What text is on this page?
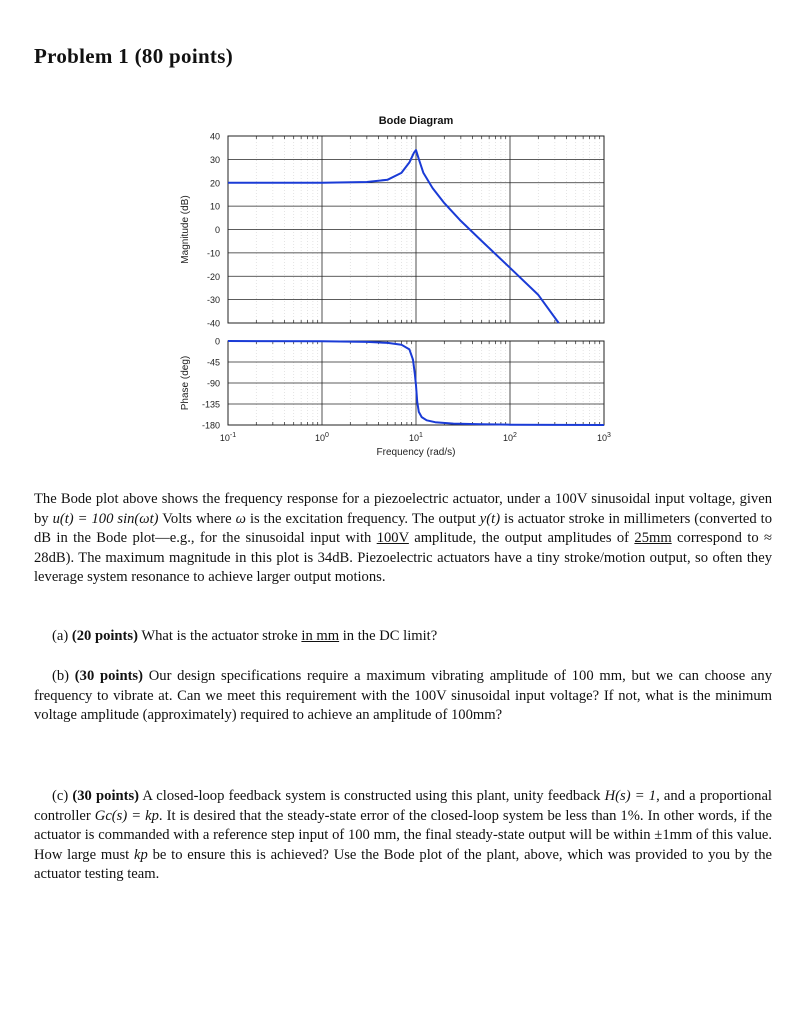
Problem 1 (80 points)
40
30
20
10
0
-10
-20
-30
-40
Magnitude (dB)
Bode Diagram
0
-45
-90
-135
-180
Phase (deg)
$10^{-1}$	$10^0$	$10^1$	$10^2$	$10^3$
Frequency (rad/s)
The Bode plot above shows the frequency response for a piezoelectric actuator, under a 100V sinusoidal input voltage, given by u(t) = 100 sin(ωt) Volts where ω is the excitation frequency. The output y(t) is actuator stroke in millimeters (converted to dB in the Bode plot—e.g., for the sinusoidal input with 100V amplitude, the output amplitudes of 25mm correspond to ≈ 28dB). The maximum magnitude in this plot is 34dB. Piezoelectric actuators have a tiny stroke/motion output, so often they leverage system resonance to achieve larger output motions.
(a) (20 points) What is the actuator stroke in mm in the DC limit?
(b) (30 points) Our design specifications require a maximum vibrating amplitude of 100 mm, but we can choose any frequency to vibrate at. Can we meet this requirement with the 100V sinusoidal input voltage? If not, what is the minimum voltage amplitude (approximately) required to achieve an amplitude of 100mm?
(c) (30 points) A closed-loop feedback system is constructed using this plant, unity feedback H(s) = 1, and a proportional controller Gc(s) = kp. It is desired that the steady-state error of the closed-loop system be less than 1%. In other words, if the actuator is commanded with a reference step input of 100 mm, the final steady-state output will be within ±1mm of this value. How large must kp be to ensure this is achieved? Use the Bode plot of the plant, above, which was provided to you by the actuator testing team.
